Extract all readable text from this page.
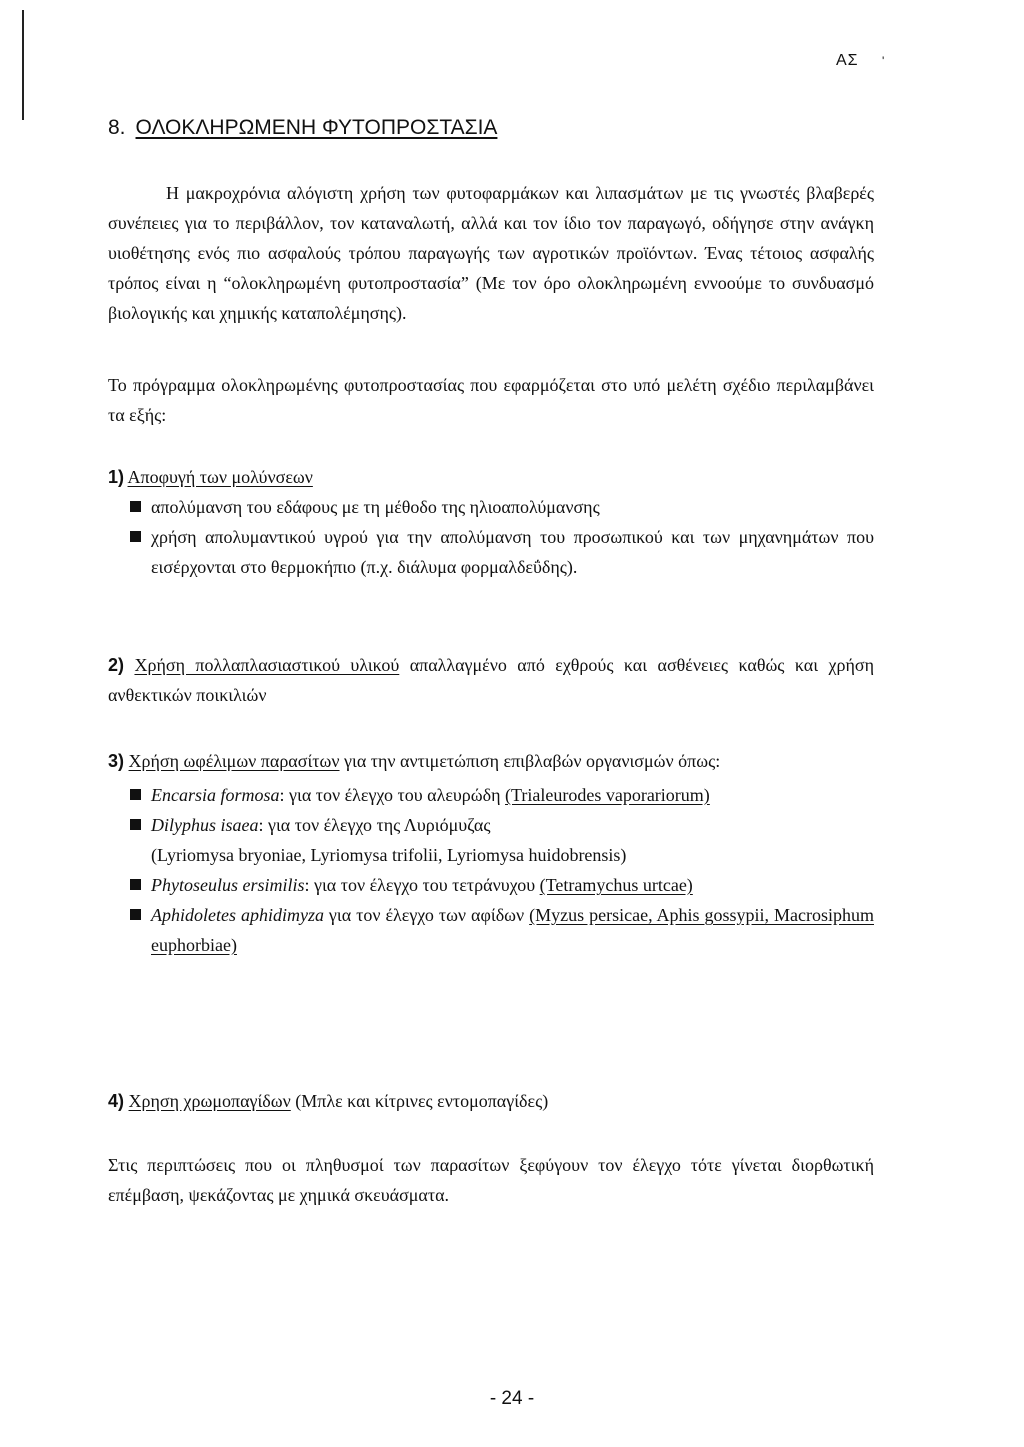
ΑΣ '
8. ΟΛΟΚΛΗΡΩΜΕΝΗ ΦΥΤΟΠΡΟΣΤΑΣΙΑ
Η μακροχρόνια αλόγιστη χρήση των φυτοφαρμάκων και λιπασμάτων με τις γνωστές βλαβερές συνέπειες για το περιβάλλον, τον καταναλωτή, αλλά και τον ίδιο τον παραγωγό, οδήγησε στην ανάγκη υιοθέτησης ενός πιο ασφαλούς τρόπου παραγωγής των αγροτικών προϊόντων. Ένας τέτοιος ασφαλής τρόπος είναι η “ολοκληρωμένη φυτοπροστασία” (Με τον όρο ολοκληρωμένη εννοούμε το συνδυασμό βιολογικής και χημικής καταπολέμησης).
Το πρόγραμμα ολοκληρωμένης φυτοπροστασίας που εφαρμόζεται στο υπό μελέτη σχέδιο περιλαμβάνει τα εξής:
1) Αποφυγή των μολύνσεων
απολύμανση του εδάφους με τη μέθοδο της ηλιοαπολύμανσης
χρήση απολυμαντικού υγρού για την απολύμανση του προσωπικού και των μηχανημάτων που εισέρχονται στο θερμοκήπιο (π.χ. διάλυμα φορμαλδεΰδης).
2) Χρήση πολλαπλασιαστικού υλικού απαλλαγμένο από εχθρούς και ασθένειες καθώς και χρήση ανθεκτικών ποικιλιών
3) Χρήση ωφέλιμων παρασίτων για την αντιμετώπιση επιβλαβών οργανισμών όπως:
Encarsia formosa: για τον έλεγχο του αλευρώδη (Trialeurodes vaporariorum)
Dilyphus isaea: για τον έλεγχο της Λυριόμυζας
(Lyriomysa bryoniae, Lyriomysa trifolii, Lyriomysa huidobrensis)
Phytoseulus ersimilis: για τον έλεγχο του τετράνυχου (Tetramychus urtcae)
Aphidoletes aphidimyza για τον έλεγχο των αφίδων (Myzus persicae, Aphis gossypii, Macrosiphum euphorbiae)
4) Χρηση χρωμοπαγίδων (Μπλε και κίτρινες εντομοπαγίδες)
Στις περιπτώσεις που οι πληθυσμοί των παρασίτων ξεφύγουν τον έλεγχο τότε γίνεται διορθωτική επέμβαση, ψεκάζοντας με χημικά σκευάσματα.
- 24 -
